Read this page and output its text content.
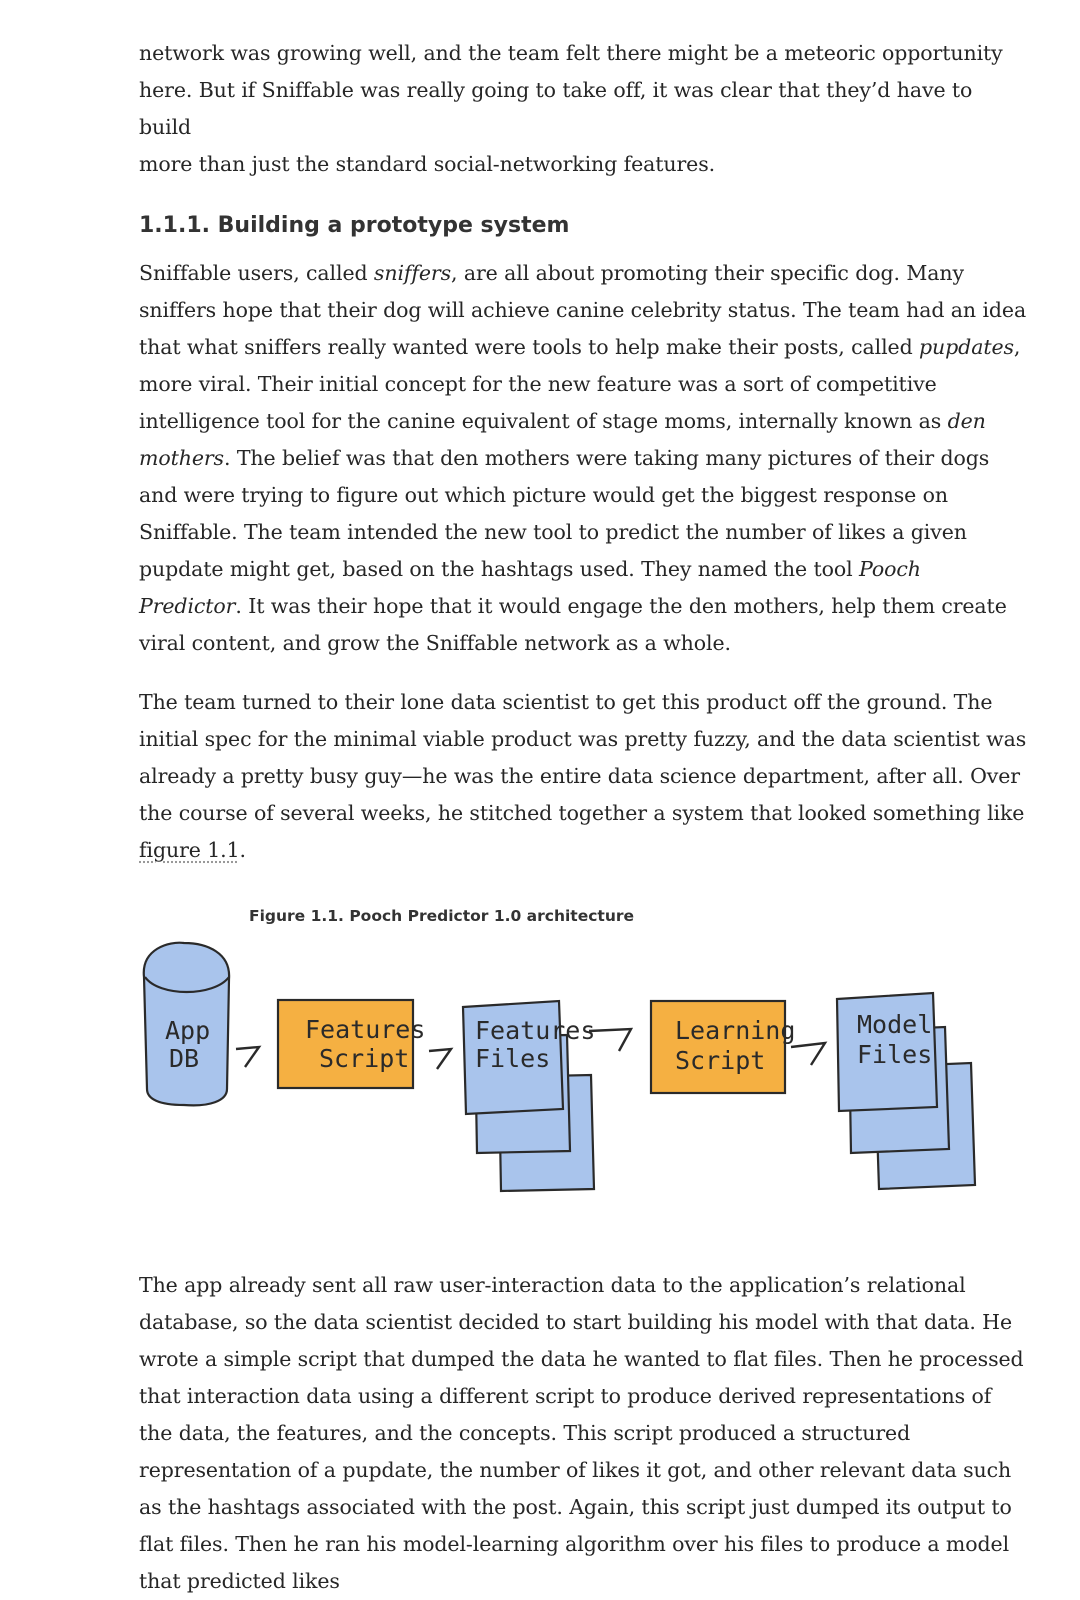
network was growing well, and the team felt there might be a meteoric opportunity
here. But if Sniffable was really going to take off, it was clear that they’d have to build
more than just the standard social-networking features.

1.1.1. Building a prototype system

Sniffable users, called sniffers, are all about promoting their specific dog. Many sniffers hope that their dog will achieve canine celebrity status. The team had an idea that what sniffers really wanted were tools to help make their posts, called pupdates, more viral. Their initial concept for the new feature was a sort of competitive intelligence tool for the canine equivalent of stage moms, internally known as den mothers. The belief was that den mothers were taking many pictures of their dogs and were trying to figure out which picture would get the biggest response on Sniffable. The team intended the new tool to predict the number of likes a given pupdate might get, based on the hashtags used. They named the tool Pooch Predictor. It was their hope that it would engage the den mothers, help them create viral content, and grow the Sniffable network as a whole.

The team turned to their lone data scientist to get this product off the ground. The initial spec for the minimal viable product was pretty fuzzy, and the data scientist was already a pretty busy guy—he was the entire data science department, after all. Over the course of several weeks, he stitched together a system that looked something like figure 1.1.

Figure 1.1. Pooch Predictor 1.0 architecture
App
DB
Features
Script
Features
Files
Learning
Script
Model
Files

The app already sent all raw user-interaction data to the application’s relational database, so the data scientist decided to start building his model with that data. He wrote a simple script that dumped the data he wanted to flat files. Then he processed that interaction data using a different script to produce derived representations of the data, the features, and the concepts. This script produced a structured representation of a pupdate, the number of likes it got, and other relevant data such as the hashtags associated with the post. Again, this script just dumped its output to flat files. Then he ran his model-learning algorithm over his files to produce a model that predicted likes
